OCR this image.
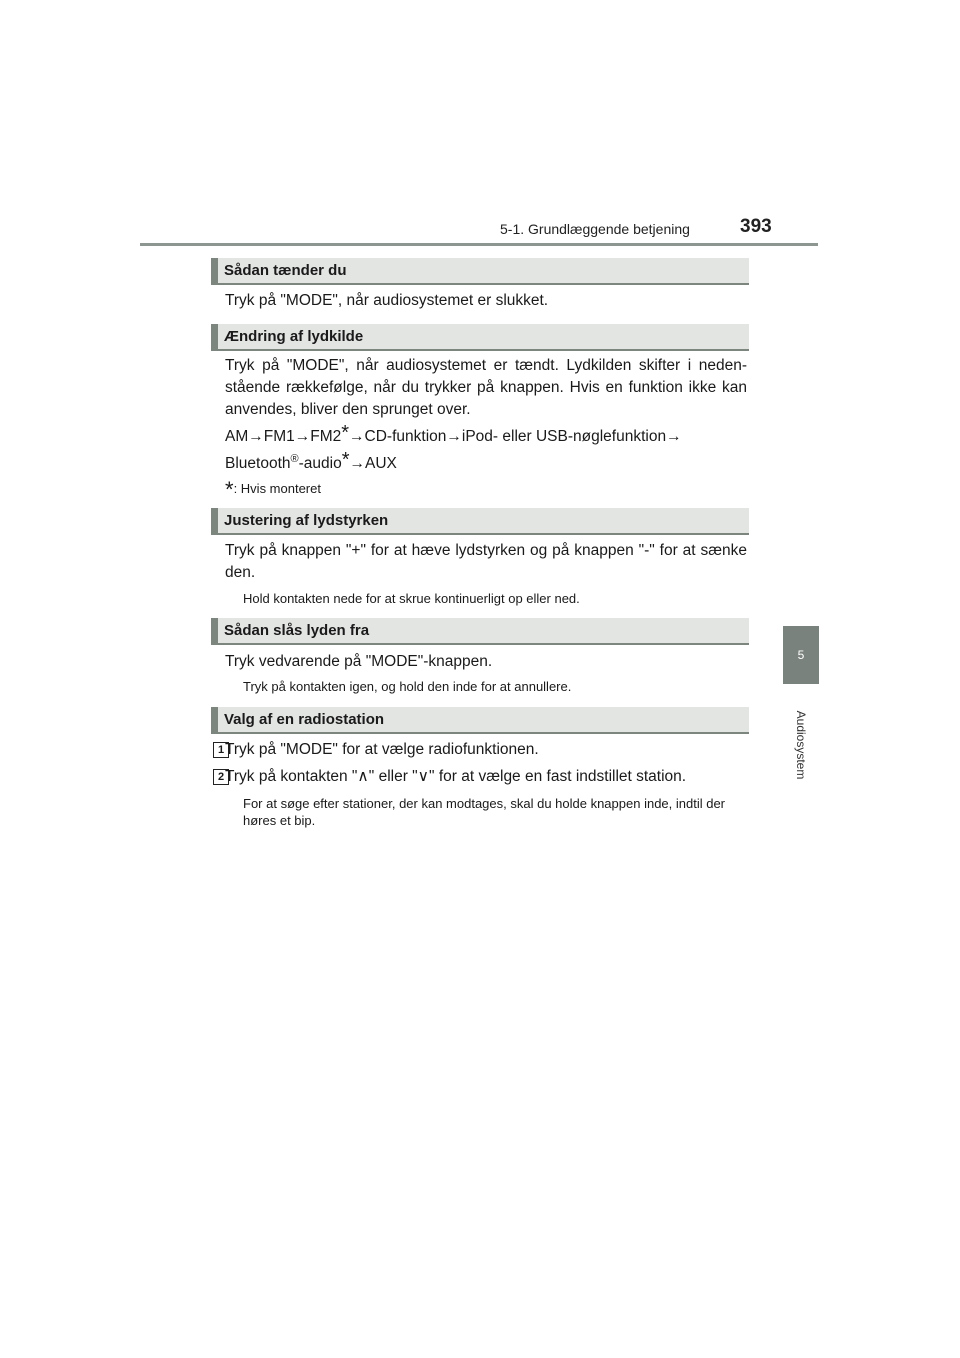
5-1. Grundlæggende betjening	393
5
Audiosystem
Sådan tænder du
Tryk på "MODE", når audiosystemet er slukket.
Ændring af lydkilde
Tryk på "MODE", når audiosystemet er tændt. Lydkilden skifter i nedenstående rækkefølge, når du trykker på knappen. Hvis en funktion ikke kan anvendes, bliver den sprunget over.
AM→FM1→FM2*→CD-funktion→iPod- eller USB-nøglefunktion→
Bluetooth®-audio*→AUX
*: Hvis monteret
Justering af lydstyrken
Tryk på knappen "+" for at hæve lydstyrken og på knappen "-" for at sænke den.
Hold kontakten nede for at skrue kontinuerligt op eller ned.
Sådan slås lyden fra
Tryk vedvarende på "MODE"-knappen.
Tryk på kontakten igen, og hold den inde for at annullere.
Valg af en radiostation
1 Tryk på "MODE" for at vælge radiofunktionen.
2 Tryk på kontakten "∧" eller "∨" for at vælge en fast indstillet station.
For at søge efter stationer, der kan modtages, skal du holde knappen inde, indtil der høres et bip.
